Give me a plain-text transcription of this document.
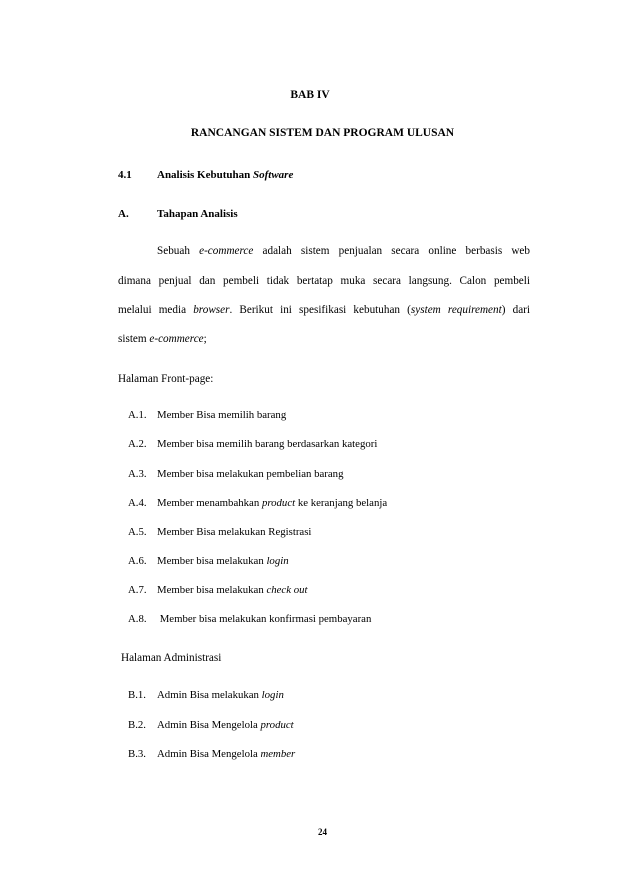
BAB IV
RANCANGAN SISTEM DAN PROGRAM ULUSAN
4.1 Analisis Kebutuhan Software
A.	Tahapan Analisis
Sebuah e-commerce adalah sistem penjualan secara online berbasis web
dimana penjual dan pembeli tidak bertatap muka secara langsung. Calon pembeli
melalui media browser. Berikut ini spesifikasi kebutuhan (system requirement) dari
sistem e-commerce;
Halaman Front-page:
A.1. Member Bisa memilih barang
A.2. Member bisa memilih barang berdasarkan kategori
A.3. Member bisa melakukan pembelian barang
A.4. Member menambahkan product ke keranjang belanja
A.5. Member Bisa melakukan Registrasi
A.6. Member bisa melakukan login
A.7. Member bisa melakukan check out
A.8. Member bisa melakukan konfirmasi pembayaran
Halaman Administrasi
B.1. Admin Bisa melakukan login
B.2. Admin Bisa Mengelola product
B.3. Admin Bisa Mengelola member
24
